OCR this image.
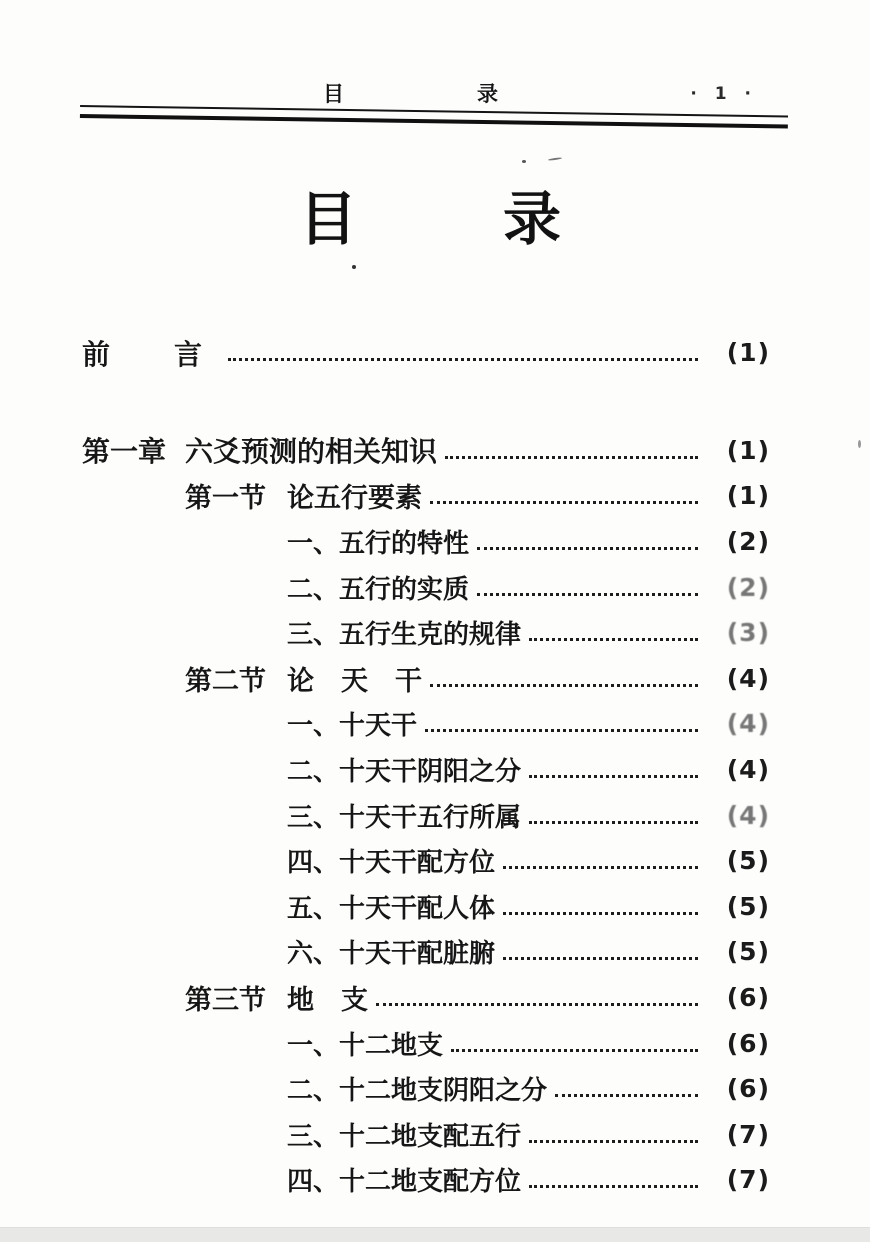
目　录	· 1 ·
目　　录
前　言	(1)
第一章 六爻预测的相关知识	(1)
第一节 论五行要素	(1)
一、五行的特性	(2)
二、五行的实质	(2)
三、五行生克的规律	(3)
第二节 论　天　干	(4)
一、十天干	(4)
二、十天干阴阳之分	(4)
三、十天干五行所属	(4)
四、十天干配方位	(5)
五、十天干配人体	(5)
六、十天干配脏腑	(5)
第三节 地　支	(6)
一、十二地支	(6)
二、十二地支阴阳之分	(6)
三、十二地支配五行	(7)
四、十二地支配方位	(7)
